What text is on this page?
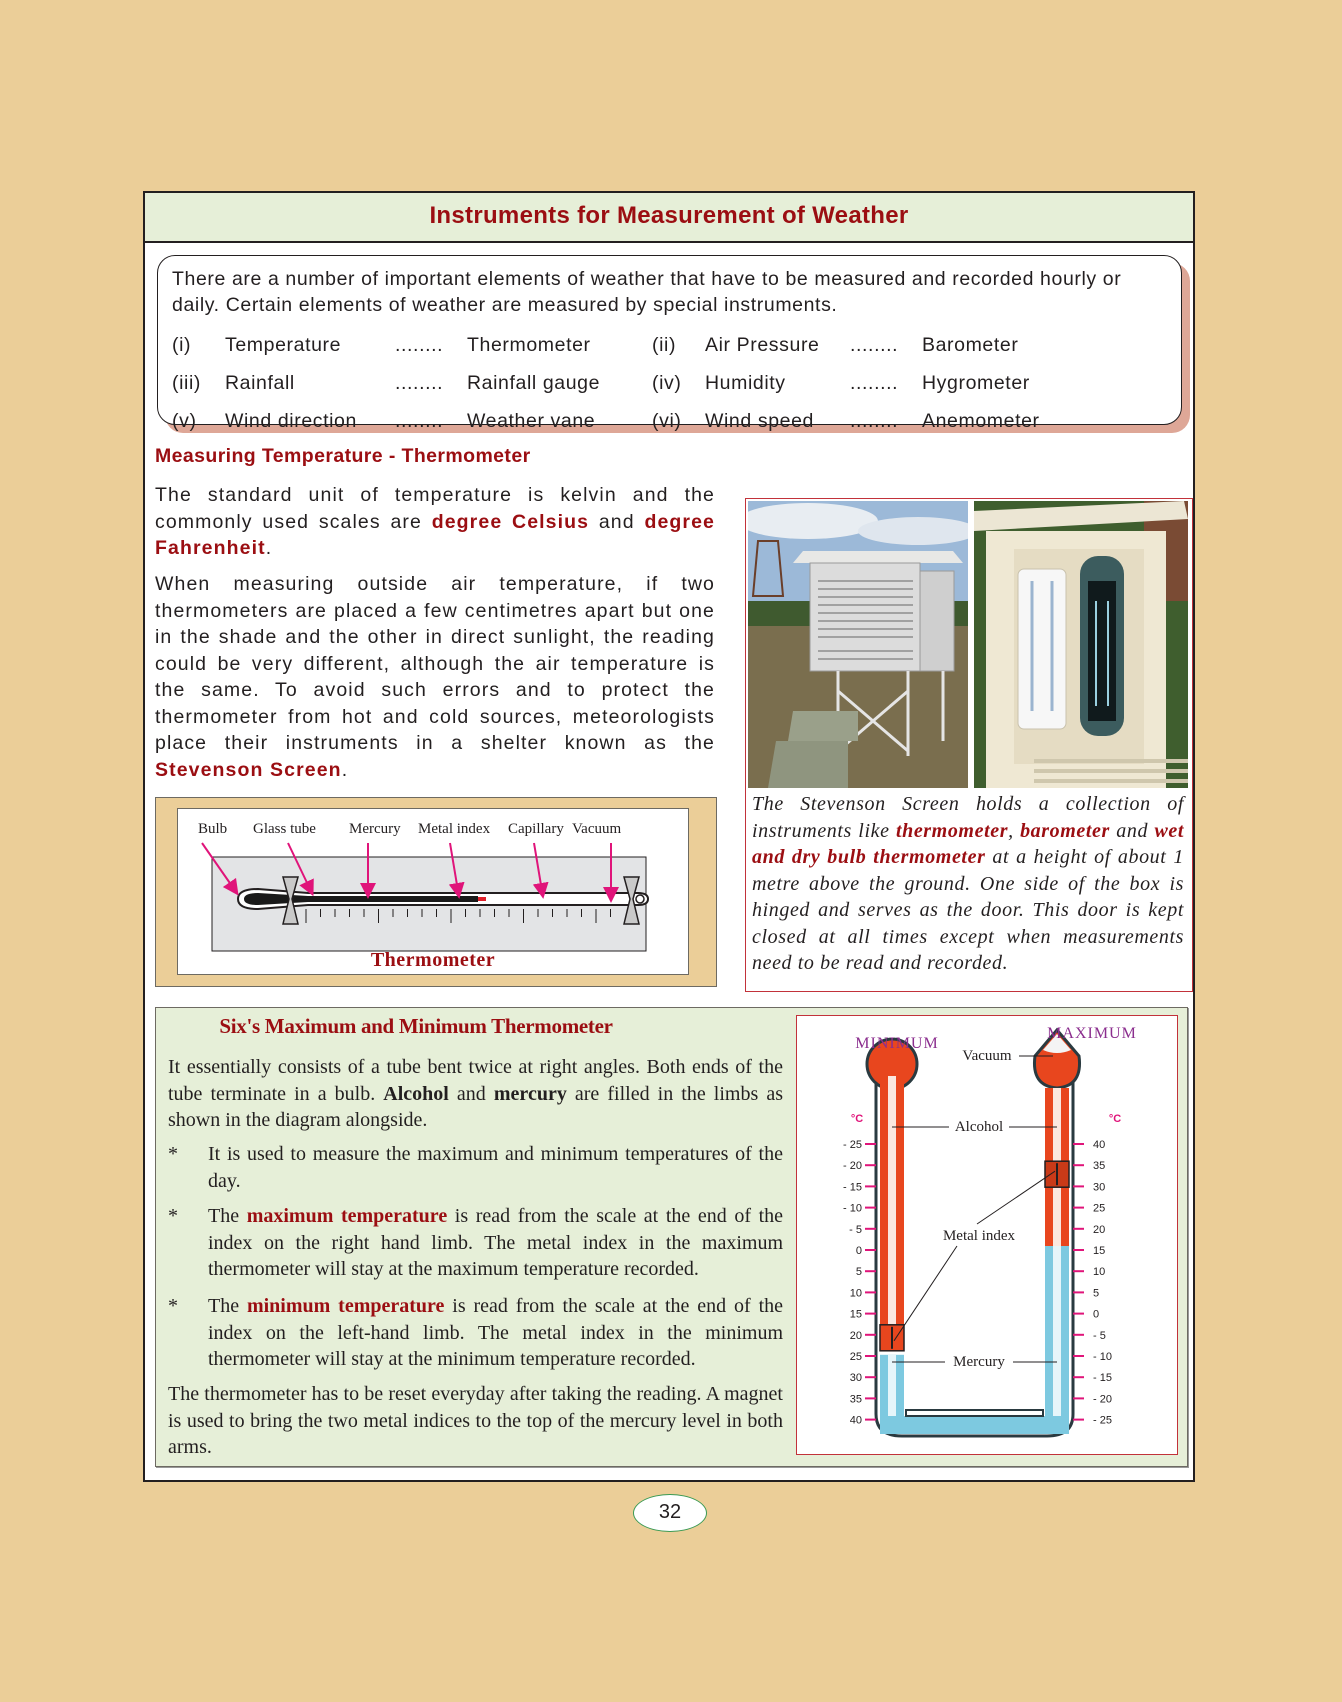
Instruments for Measurement of Weather

There are a number of important elements of weather that have to be measured and recorded hourly or daily. Certain elements of weather are measured by special instruments.

(i)	Temperature	........	Thermometer	(ii)	Air Pressure	........	Barometer
(iii)	Rainfall	........	Rainfall gauge	(iv)	Humidity	........	Hygrometer
(v)	Wind direction	........	Weather vane	(vi)	Wind speed	........	Anemometer
Measuring Temperature - Thermometer

The standard unit of temperature is kelvin and the commonly used scales are degree Celsius and degree Fahrenheit.

When measuring outside air temperature, if two thermometers are placed a few centimetres apart but one in the shade and the other in direct sunlight, the reading could be very different, although the air temperature is the same. To avoid such errors and to protect the thermometer from hot and cold sources, meteorologists place their instruments in a shelter known as the Stevenson Screen.

Bulb Glass tube Mercury Metal index Capillary Vacuum
Thermometer

The Stevenson Screen holds a collection of instruments like thermometer, barometer and wet and dry bulb thermometer at a height of about 1 metre above the ground. One side of the box is hinged and serves as the door. This door is kept closed at all times except when measurements need to be read and recorded.

Six's Maximum and Minimum Thermometer

It essentially consists of a tube bent twice at right angles. Both ends of the tube terminate in a bulb. Alcohol and mercury are filled in the limbs as shown in the diagram alongside.

* It is used to measure the maximum and minimum temperatures of the day.
* The maximum temperature is read from the scale at the end of the index on the right hand limb. The metal index in the maximum thermometer will stay at the maximum temperature recorded.
* The minimum temperature is read from the scale at the end of the index on the left-hand limb. The metal index in the minimum thermometer will stay at the minimum temperature recorded.

The thermometer has to be reset everyday after taking the reading. A magnet is used to bring the two metal indices to the top of the mercury level in both arms.

MINIMUM
MAXIMUM
°C	°C
- 25
- 20
- 15
- 10
- 5
0
5
10
15
20
25
30
35
40
40
35
30
25
20
15
10
5
0
- 5
- 10
- 15
- 20
- 25
Vacuum
Alcohol
Metal index
Mercury
32
